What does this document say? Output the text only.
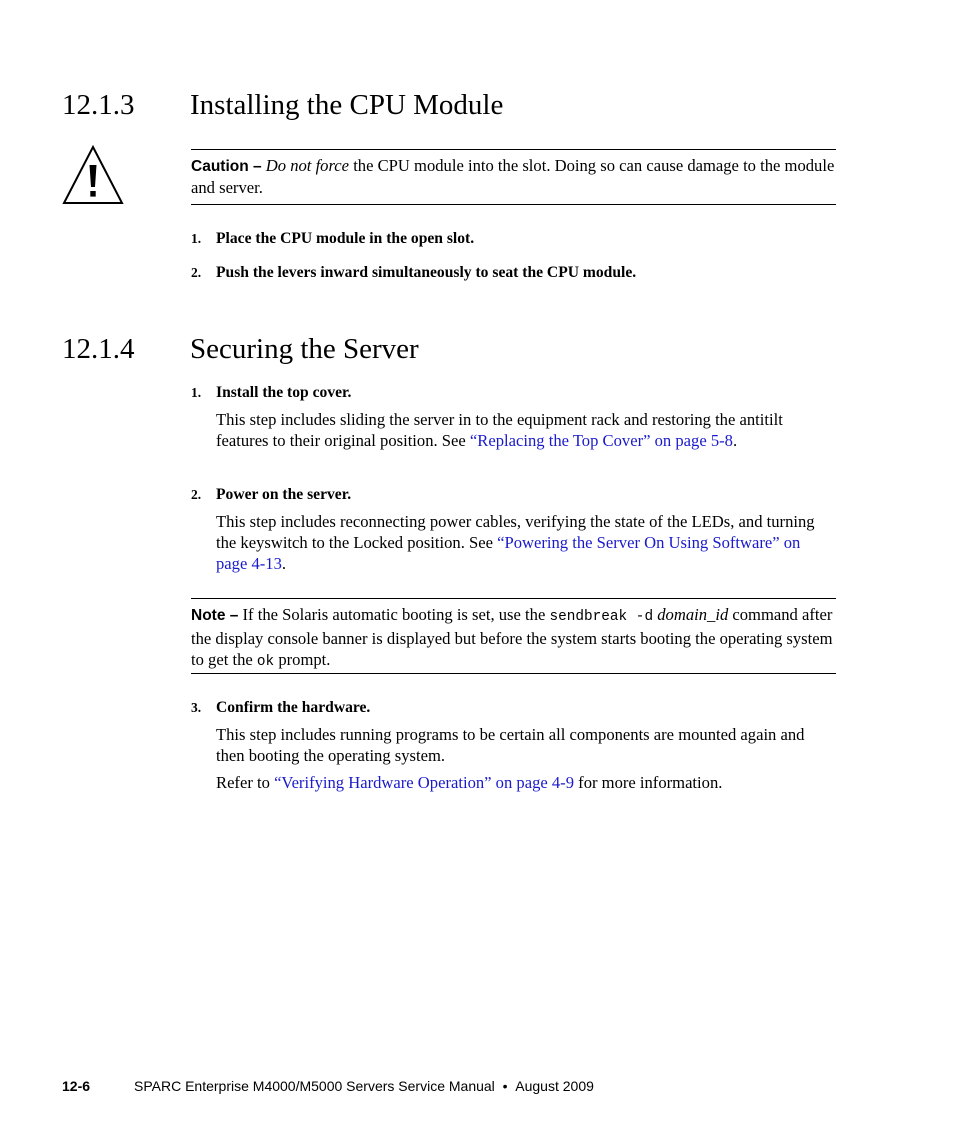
12.1.3 Installing the CPU Module
Caution – Do not force the CPU module into the slot. Doing so can cause damage to the module and server.
1. Place the CPU module in the open slot.
2. Push the levers inward simultaneously to seat the CPU module.
12.1.4 Securing the Server
1. Install the top cover.
This step includes sliding the server in to the equipment rack and restoring the antitilt features to their original position. See “Replacing the Top Cover” on page 5-8.
2. Power on the server.
This step includes reconnecting power cables, verifying the state of the LEDs, and turning the keyswitch to the Locked position. See “Powering the Server On Using Software” on page 4-13.
Note – If the Solaris automatic booting is set, use the sendbreak -d domain_id command after the display console banner is displayed but before the system starts booting the operating system to get the ok prompt.
3. Confirm the hardware.
This step includes running programs to be certain all components are mounted again and then booting the operating system.
Refer to “Verifying Hardware Operation” on page 4-9 for more information.
12-6	SPARC Enterprise M4000/M5000 Servers Service Manual • August 2009
